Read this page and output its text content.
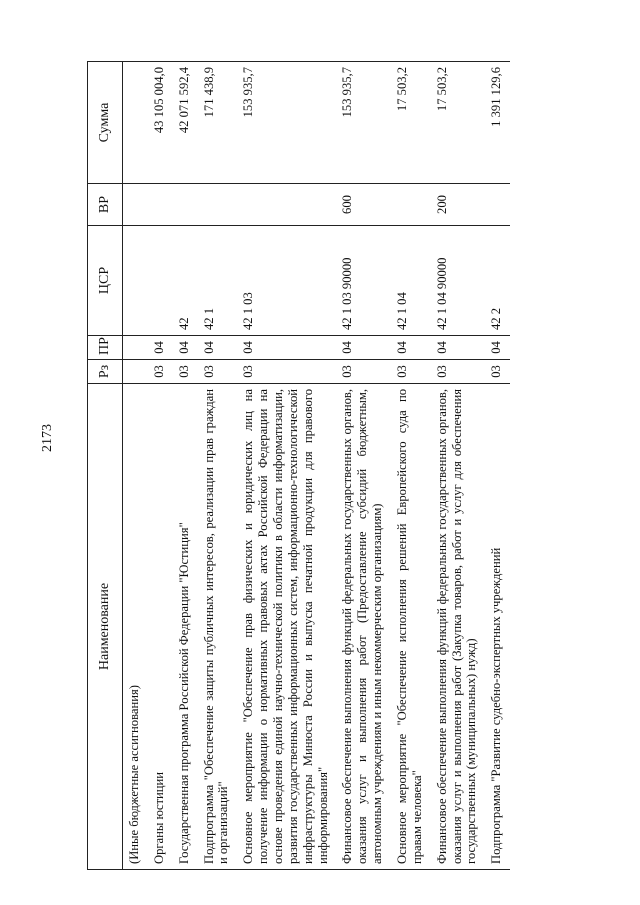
2173
Наименование	Рз	ПР	ЦСР	ВР	Сумма
(Иные бюджетные ассигнования)					
Органы юстиции	03	04			43 105 004,0
Государственная программа Российской Федерации "Юстиция"	03	04	42		42 071 592,4
Подпрограмма "Обеспечение защиты публичных интересов, реализации прав граждан и организаций"	03	04	42 1		171 438,9
Основное мероприятие "Обеспечение прав физических и юридических лиц на получение информации о нормативных правовых актах Российской Федерации на основе проведения единой научно-технической политики в области информатизации, развития государственных информационных систем, информационно-технологической инфраструктуры Минюста России и выпуска печатной продукции для правового информирования"	03	04	42 1 03		153 935,7
Финансовое обеспечение выполнения функций федеральных государственных органов, оказания услуг и выполнения работ (Предоставление субсидий бюджетным, автономным учреждениям и иным некоммерческим организациям)	03	04	42 1 03 90000	600	153 935,7
Основное мероприятие "Обеспечение исполнения решений Европейского суда по правам человека"	03	04	42 1 04		17 503,2
Финансовое обеспечение выполнения функций федеральных государственных органов, оказания услуг и выполнения работ (Закупка товаров, работ и услуг для обеспечения государственных (муниципальных) нужд)	03	04	42 1 04 90000	200	17 503,2
Подпрограмма "Развитие судебно-экспертных учреждений	03	04	42 2		1 391 129,6
